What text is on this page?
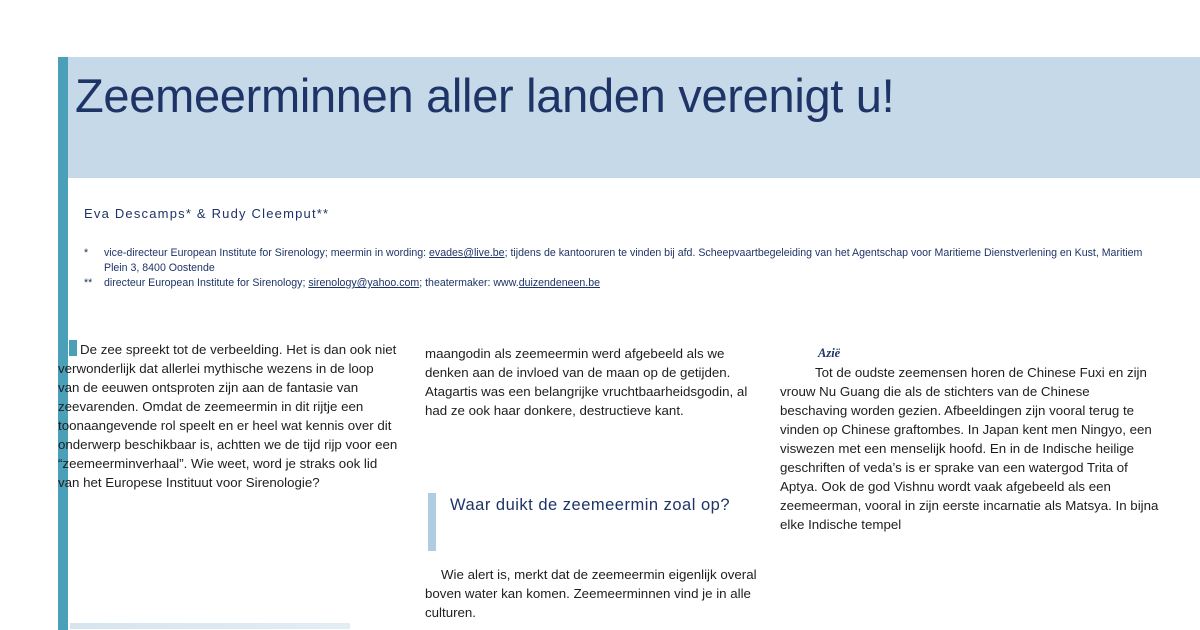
Zeemeerminnen aller landen verenigt u!
Eva Descamps* & Rudy Cleemput**
* vice-directeur European Institute for Sirenology; meermin in wording: evades@live.be; tijdens de kantooruren te vinden bij afd. Scheepvaartbegeleiding van het Agentschap voor Maritieme Dienstverlening en Kust, Maritiem Plein 3, 8400 Oostende
** directeur European Institute for Sirenology; sirenology@yahoo.com; theatermaker: www.duizendeneen.be

De zee spreekt tot de verbeelding. Het is dan ook niet verwonderlijk dat allerlei mythische wezens in de loop van de eeuwen ontsproten zijn aan de fantasie van zeevarenden. Omdat de zeemeermin in dit rijtje een toonaangevende rol speelt en er heel wat kennis over dit onderwerp beschikbaar is, achtten we de tijd rijp voor een “zeemeerminverhaal”. Wie weet, word je straks ook lid van het Europese Instituut voor Sirenologie?

maangodin als zeemeermin werd afgebeeld als we denken aan de invloed van de maan op de getijden. Atagartis was een belangrijke vruchtbaarheidsgodin, al had ze ook haar donkere, destructieve kant.

Waar duikt de zeemeermin zoal op?

Wie alert is, merkt dat de zeemeermin eigenlijk overal boven water kan komen. Zeemeerminnen vind je in alle culturen.

Azië

Tot de oudste zeemensen horen de Chinese Fuxi en zijn vrouw Nu Guang die als de stichters van de Chinese beschaving worden gezien. Afbeeldingen zijn vooral terug te vinden op Chinese graftombes. In Japan kent men Ningyo, een viswezen met een menselijk hoofd. En in de Indische heilige geschriften of veda’s is er sprake van een watergod Trita of Aptya. Ook de god Vishnu wordt vaak afgebeeld als een zeemeerman, vooral in zijn eerste incarnatie als Matsya. In bijna elke Indische tempel
